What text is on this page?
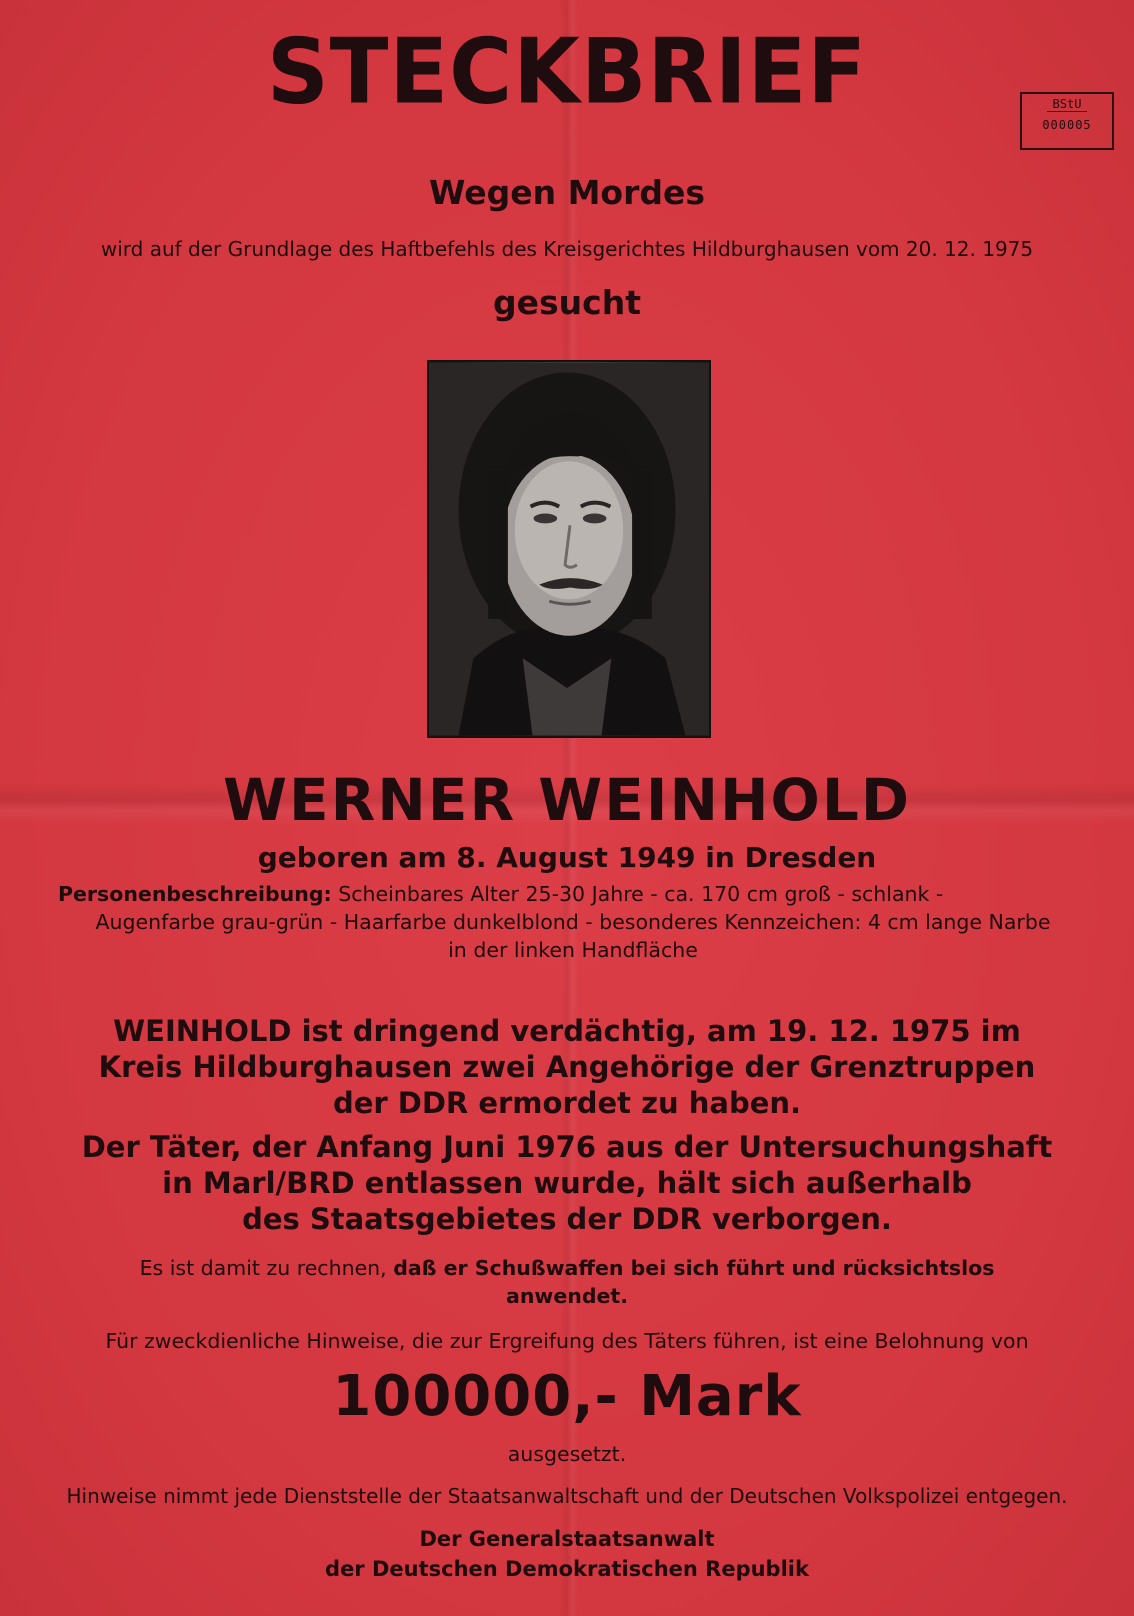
STECKBRIEF	BStU
000005
Wegen Mordes
wird auf der Grundlage des Haftbefehls des Kreisgerichtes Hildburghausen vom 20. 12. 1975
gesucht
WERNER WEINHOLD
geboren am 8. August 1949 in Dresden
Personenbeschreibung: Scheinbares Alter 25-30 Jahre - ca. 170 cm groß - schlank -
Augenfarbe grau-grün - Haarfarbe dunkelblond - besonderes Kennzeichen: 4 cm lange Narbe
in der linken Handfläche
WEINHOLD ist dringend verdächtig, am 19. 12. 1975 im
Kreis Hildburghausen zwei Angehörige der Grenztruppen
der DDR ermordet zu haben.
Der Täter, der Anfang Juni 1976 aus der Untersuchungshaft
in Marl/BRD entlassen wurde, hält sich außerhalb
des Staatsgebietes der DDR verborgen.
Es ist damit zu rechnen, daß er Schußwaffen bei sich führt und rücksichtslos
anwendet.
Für zweckdienliche Hinweise, die zur Ergreifung des Täters führen, ist eine Belohnung von
100000,- Mark
ausgesetzt.
Hinweise nimmt jede Dienststelle der Staatsanwaltschaft und der Deutschen Volkspolizei entgegen.
Der Generalstaatsanwalt
der Deutschen Demokratischen Republik
